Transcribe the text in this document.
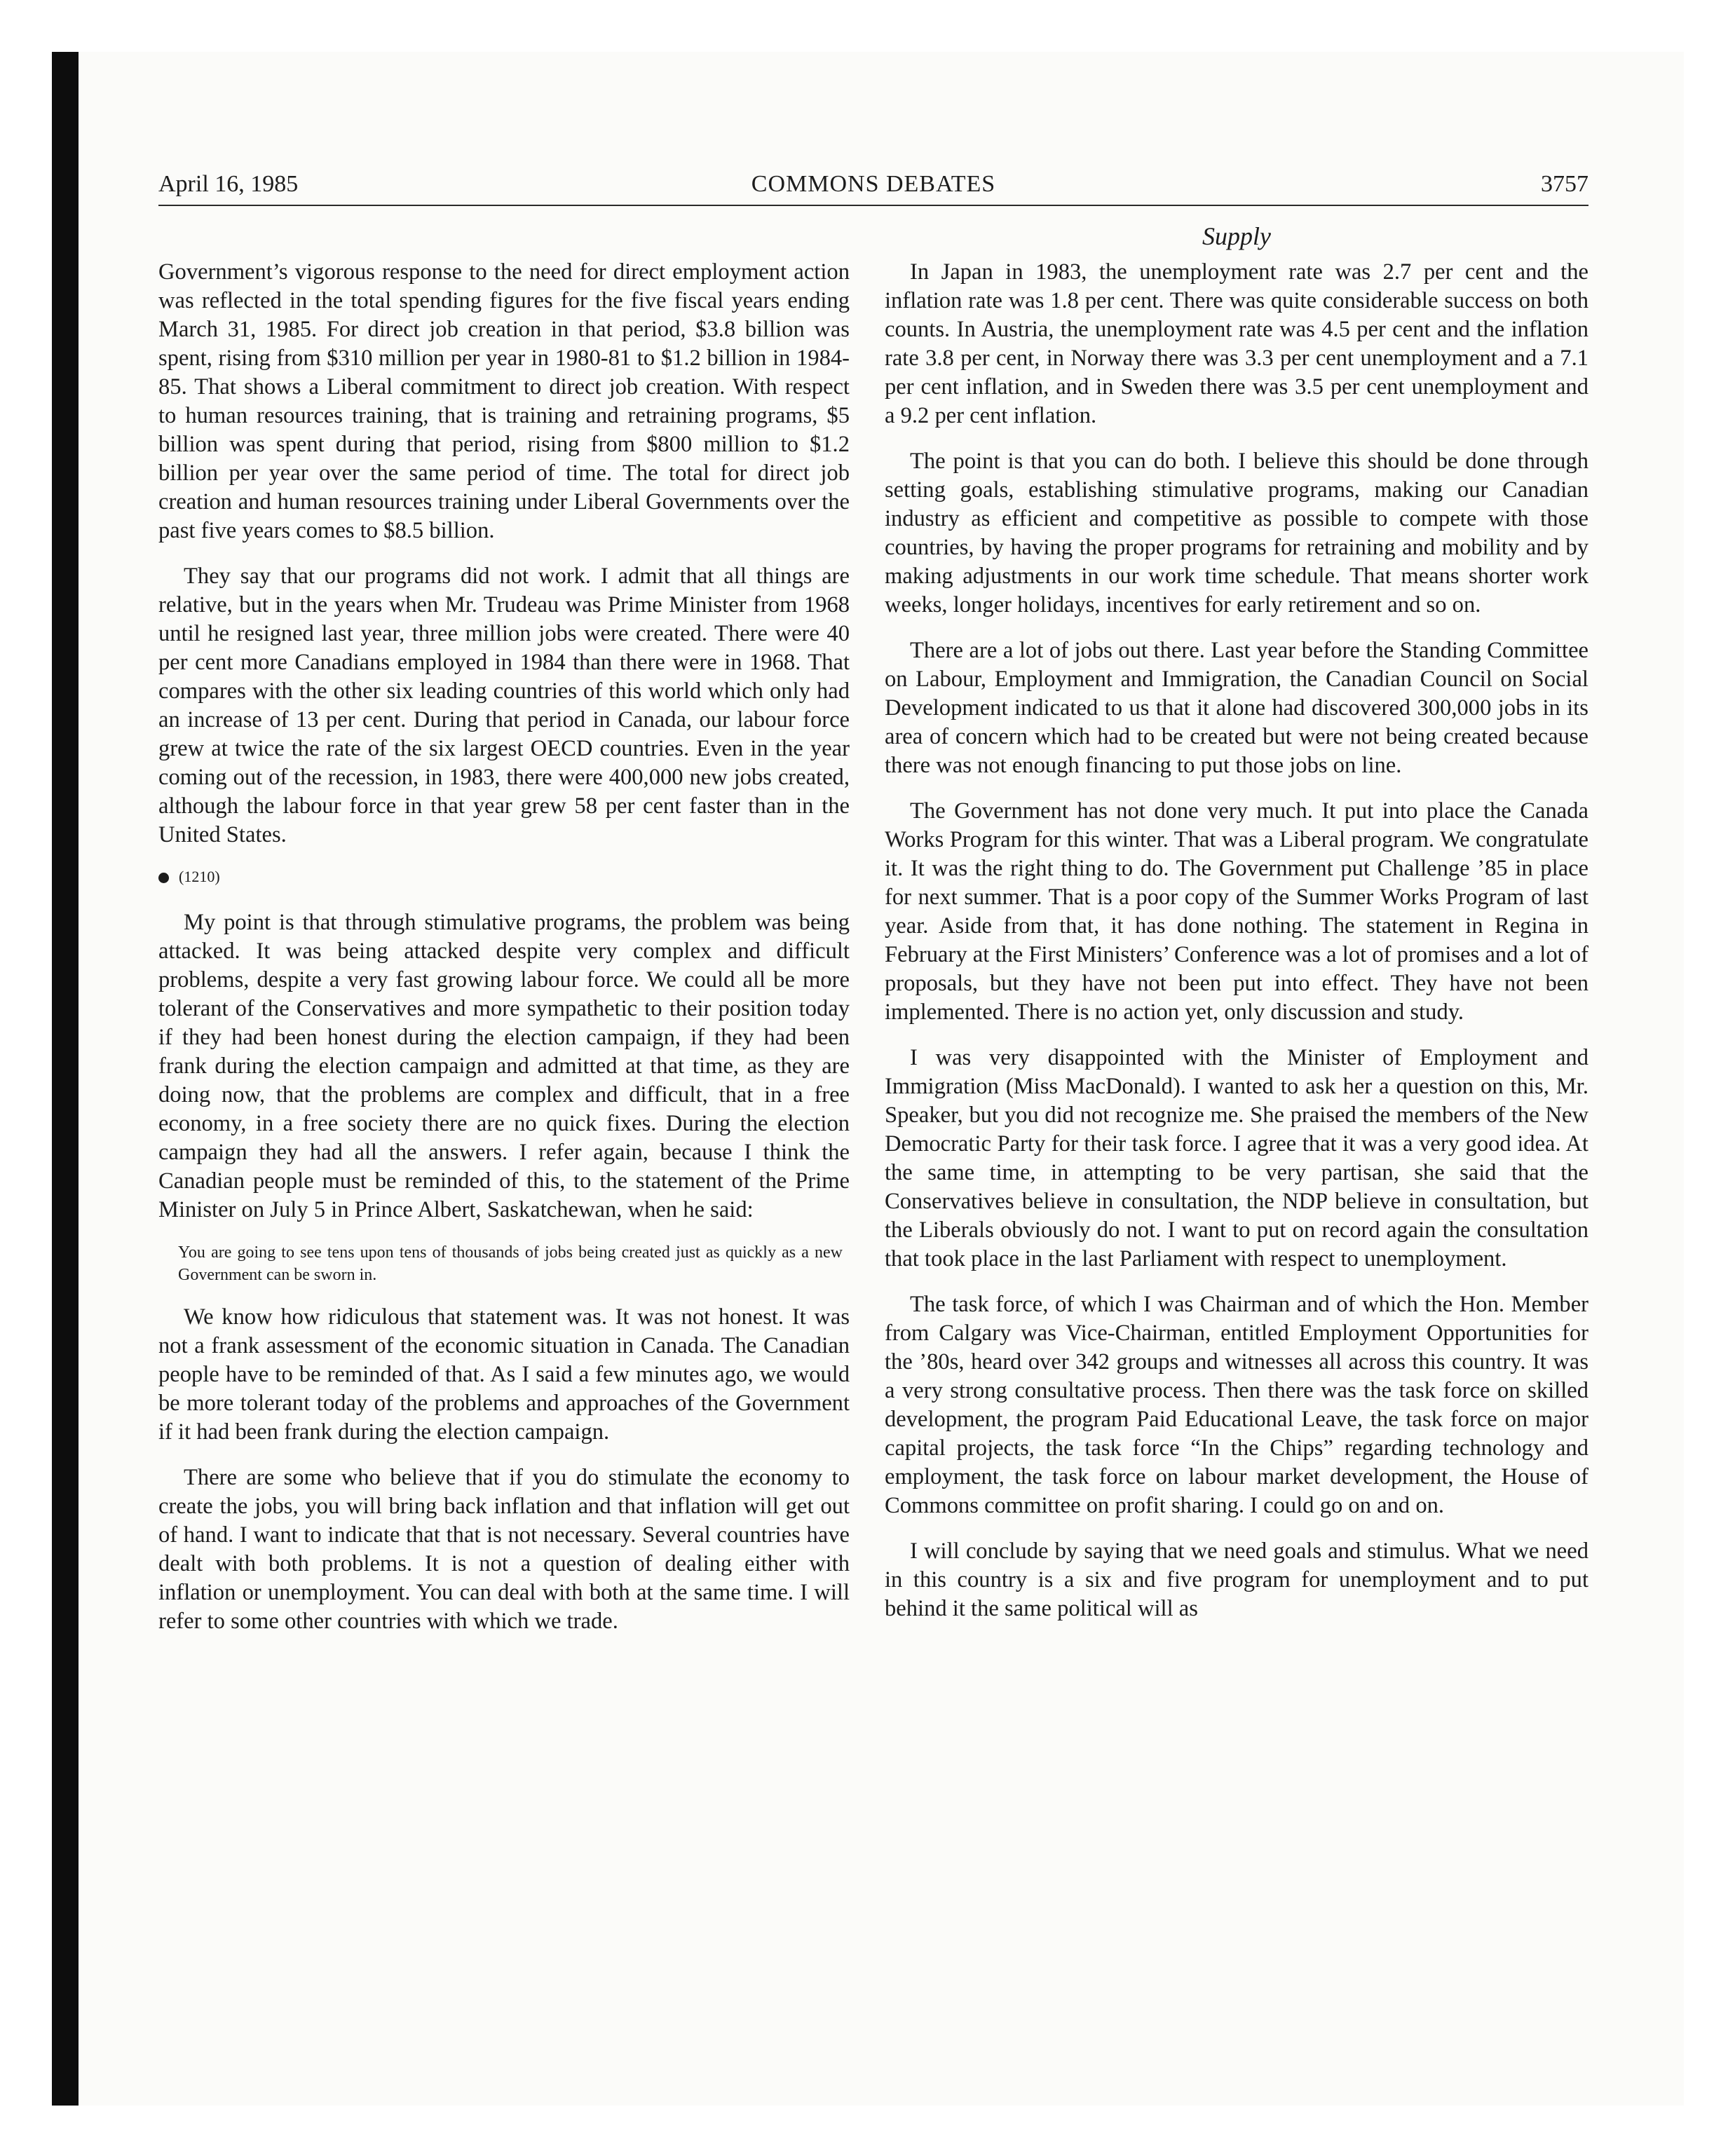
April 16, 1985	COMMONS DEBATES	3757
Supply

Government’s vigorous response to the need for direct employment action was reflected in the total spending figures for the five fiscal years ending March 31, 1985. For direct job creation in that period, $3.8 billion was spent, rising from $310 million per year in 1980-81 to $1.2 billion in 1984-85. That shows a Liberal commitment to direct job creation. With respect to human resources training, that is training and retraining programs, $5 billion was spent during that period, rising from $800 million to $1.2 billion per year over the same period of time. The total for direct job creation and human resources training under Liberal Governments over the past five years comes to $8.5 billion.

They say that our programs did not work. I admit that all things are relative, but in the years when Mr. Trudeau was Prime Minister from 1968 until he resigned last year, three million jobs were created. There were 40 per cent more Canadians employed in 1984 than there were in 1968. That compares with the other six leading countries of this world which only had an increase of 13 per cent. During that period in Canada, our labour force grew at twice the rate of the six largest OECD countries. Even in the year coming out of the recession, in 1983, there were 400,000 new jobs created, although the labour force in that year grew 58 per cent faster than in the United States.

(1210)

My point is that through stimulative programs, the problem was being attacked. It was being attacked despite very complex and difficult problems, despite a very fast growing labour force. We could all be more tolerant of the Conservatives and more sympathetic to their position today if they had been honest during the election campaign, if they had been frank during the election campaign and admitted at that time, as they are doing now, that the problems are complex and difficult, that in a free economy, in a free society there are no quick fixes. During the election campaign they had all the answers. I refer again, because I think the Canadian people must be reminded of this, to the statement of the Prime Minister on July 5 in Prince Albert, Saskatchewan, when he said:

You are going to see tens upon tens of thousands of jobs being created just as quickly as a new Government can be sworn in.

We know how ridiculous that statement was. It was not honest. It was not a frank assessment of the economic situation in Canada. The Canadian people have to be reminded of that. As I said a few minutes ago, we would be more tolerant today of the problems and approaches of the Government if it had been frank during the election campaign.

There are some who believe that if you do stimulate the economy to create the jobs, you will bring back inflation and that inflation will get out of hand. I want to indicate that that is not necessary. Several countries have dealt with both problems. It is not a question of dealing either with inflation or unemployment. You can deal with both at the same time. I will refer to some other countries with which we trade.

In Japan in 1983, the unemployment rate was 2.7 per cent and the inflation rate was 1.8 per cent. There was quite considerable success on both counts. In Austria, the unemployment rate was 4.5 per cent and the inflation rate 3.8 per cent, in Norway there was 3.3 per cent unemployment and a 7.1 per cent inflation, and in Sweden there was 3.5 per cent unemployment and a 9.2 per cent inflation.

The point is that you can do both. I believe this should be done through setting goals, establishing stimulative programs, making our Canadian industry as efficient and competitive as possible to compete with those countries, by having the proper programs for retraining and mobility and by making adjustments in our work time schedule. That means shorter work weeks, longer holidays, incentives for early retirement and so on.

There are a lot of jobs out there. Last year before the Standing Committee on Labour, Employment and Immigration, the Canadian Council on Social Development indicated to us that it alone had discovered 300,000 jobs in its area of concern which had to be created but were not being created because there was not enough financing to put those jobs on line.

The Government has not done very much. It put into place the Canada Works Program for this winter. That was a Liberal program. We congratulate it. It was the right thing to do. The Government put Challenge ’85 in place for next summer. That is a poor copy of the Summer Works Program of last year. Aside from that, it has done nothing. The statement in Regina in February at the First Ministers’ Conference was a lot of promises and a lot of proposals, but they have not been put into effect. They have not been implemented. There is no action yet, only discussion and study.

I was very disappointed with the Minister of Employment and Immigration (Miss MacDonald). I wanted to ask her a question on this, Mr. Speaker, but you did not recognize me. She praised the members of the New Democratic Party for their task force. I agree that it was a very good idea. At the same time, in attempting to be very partisan, she said that the Conservatives believe in consultation, the NDP believe in consultation, but the Liberals obviously do not. I want to put on record again the consultation that took place in the last Parliament with respect to unemployment.

The task force, of which I was Chairman and of which the Hon. Member from Calgary was Vice-Chairman, entitled Employment Opportunities for the ’80s, heard over 342 groups and witnesses all across this country. It was a very strong consultative process. Then there was the task force on skilled development, the program Paid Educational Leave, the task force on major capital projects, the task force “In the Chips” regarding technology and employment, the task force on labour market development, the House of Commons committee on profit sharing. I could go on and on.

I will conclude by saying that we need goals and stimulus. What we need in this country is a six and five program for unemployment and to put behind it the same political will as
